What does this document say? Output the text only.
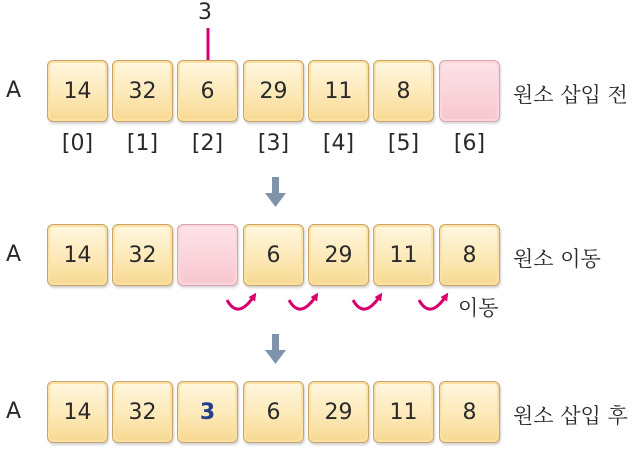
3
A	14	32	6	29	11	8	원소 삽입 전
[0]	[1]	[2]	[3]	[4]	[5]	[6]
A	14	32	6	29	11	8	원소 이동
이동
A	14	32	3	6	29	11	8	원소 삽입 후
